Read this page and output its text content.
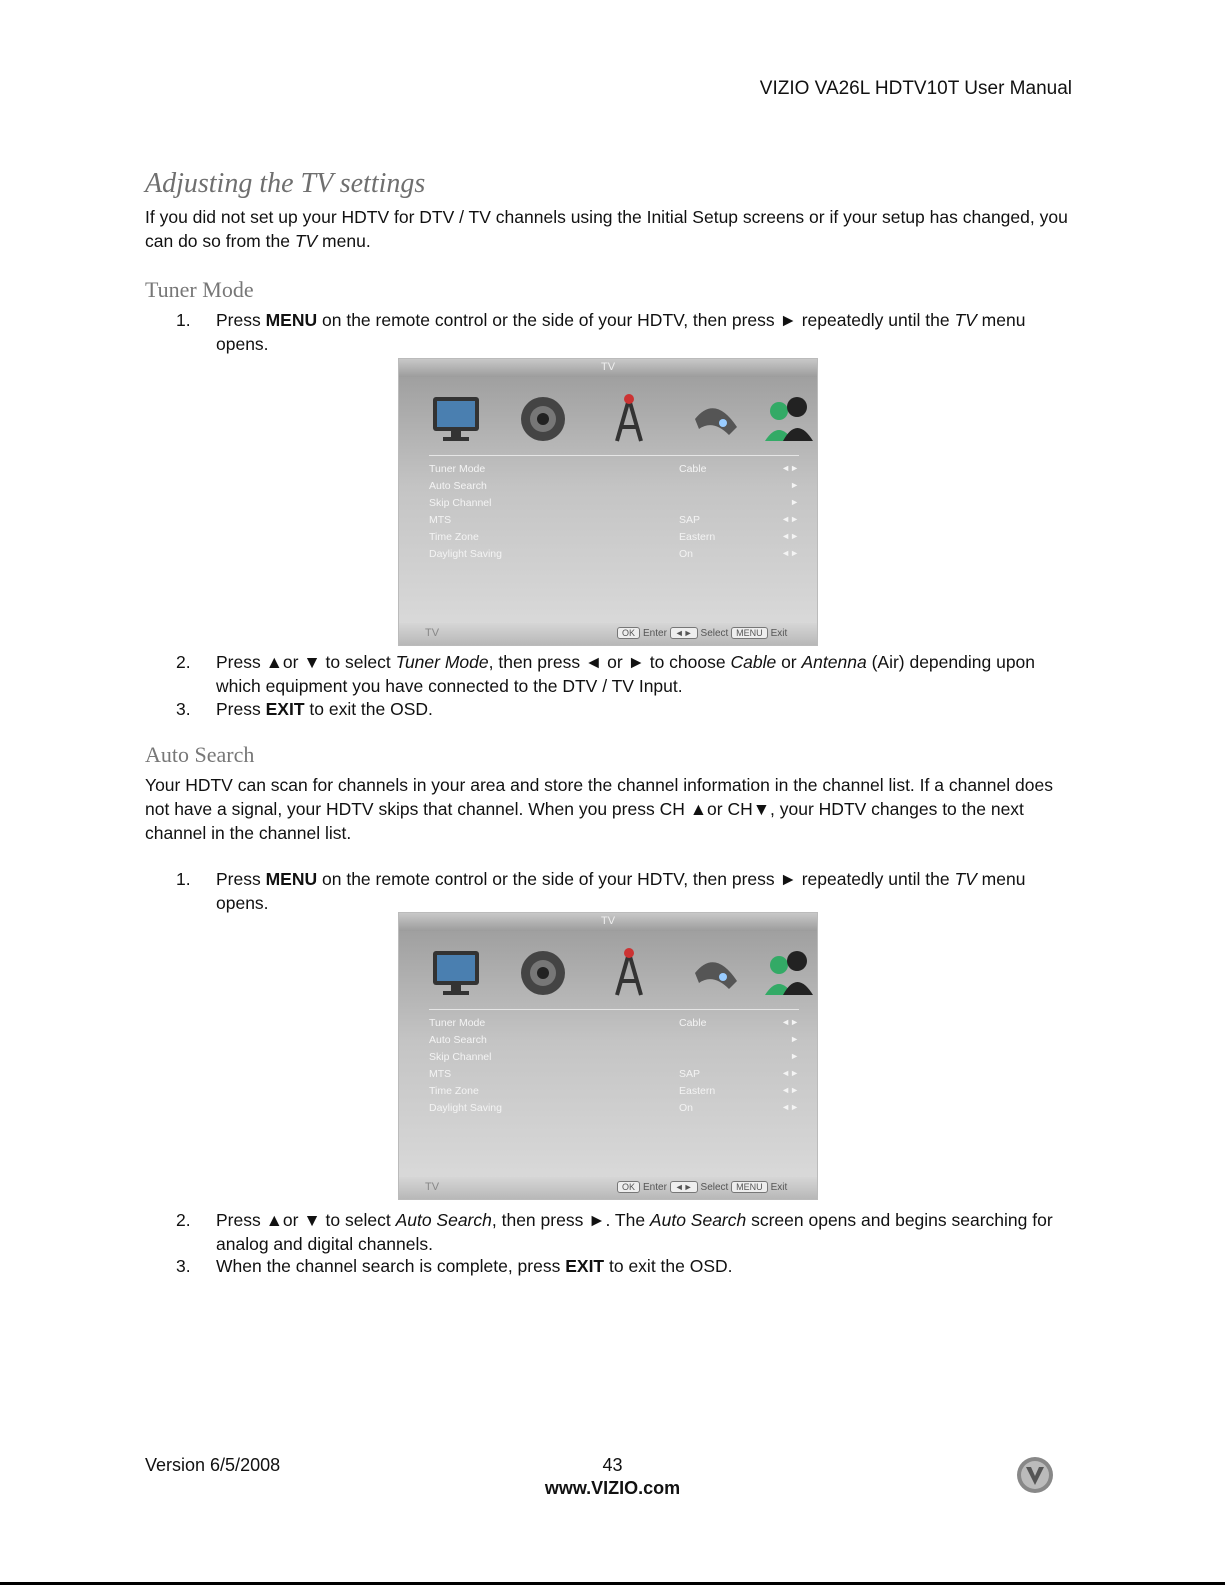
VIZIO VA26L HDTV10T User Manual
Adjusting the TV settings
If you did not set up your HDTV for DTV / TV channels using the Initial Setup screens or if your setup has changed, you can do so from the TV menu.
Tuner Mode
1. Press MENU on the remote control or the side of your HDTV, then press ► repeatedly until the TV menu opens.
TV
Tuner Mode	Cable	◄►
Auto Search	►
Skip Channel	►
MTS	SAP	◄►
Time Zone	Eastern	◄►
Daylight Saving	On	◄►
TV	OK Enter ◄► Select MENU Exit
2. Press ▲or ▼ to select Tuner Mode, then press ◄ or ► to choose Cable or Antenna (Air) depending upon which equipment you have connected to the DTV / TV Input.
3. Press EXIT to exit the OSD.
Auto Search
Your HDTV can scan for channels in your area and store the channel information in the channel list. If a channel does not have a signal, your HDTV skips that channel. When you press CH ▲or CH▼, your HDTV changes to the next channel in the channel list.
1. Press MENU on the remote control or the side of your HDTV, then press ► repeatedly until the TV menu opens.
TV
Tuner Mode	Cable	◄►
Auto Search	►
Skip Channel	►
MTS	SAP	◄►
Time Zone	Eastern	◄►
Daylight Saving	On	◄►
TV	OK Enter ◄► Select MENU Exit
2. Press ▲or ▼ to select Auto Search, then press ►. The Auto Search screen opens and begins searching for analog and digital channels.
3. When the channel search is complete, press EXIT to exit the OSD.
Version 6/5/2008	43
www.VIZIO.com
